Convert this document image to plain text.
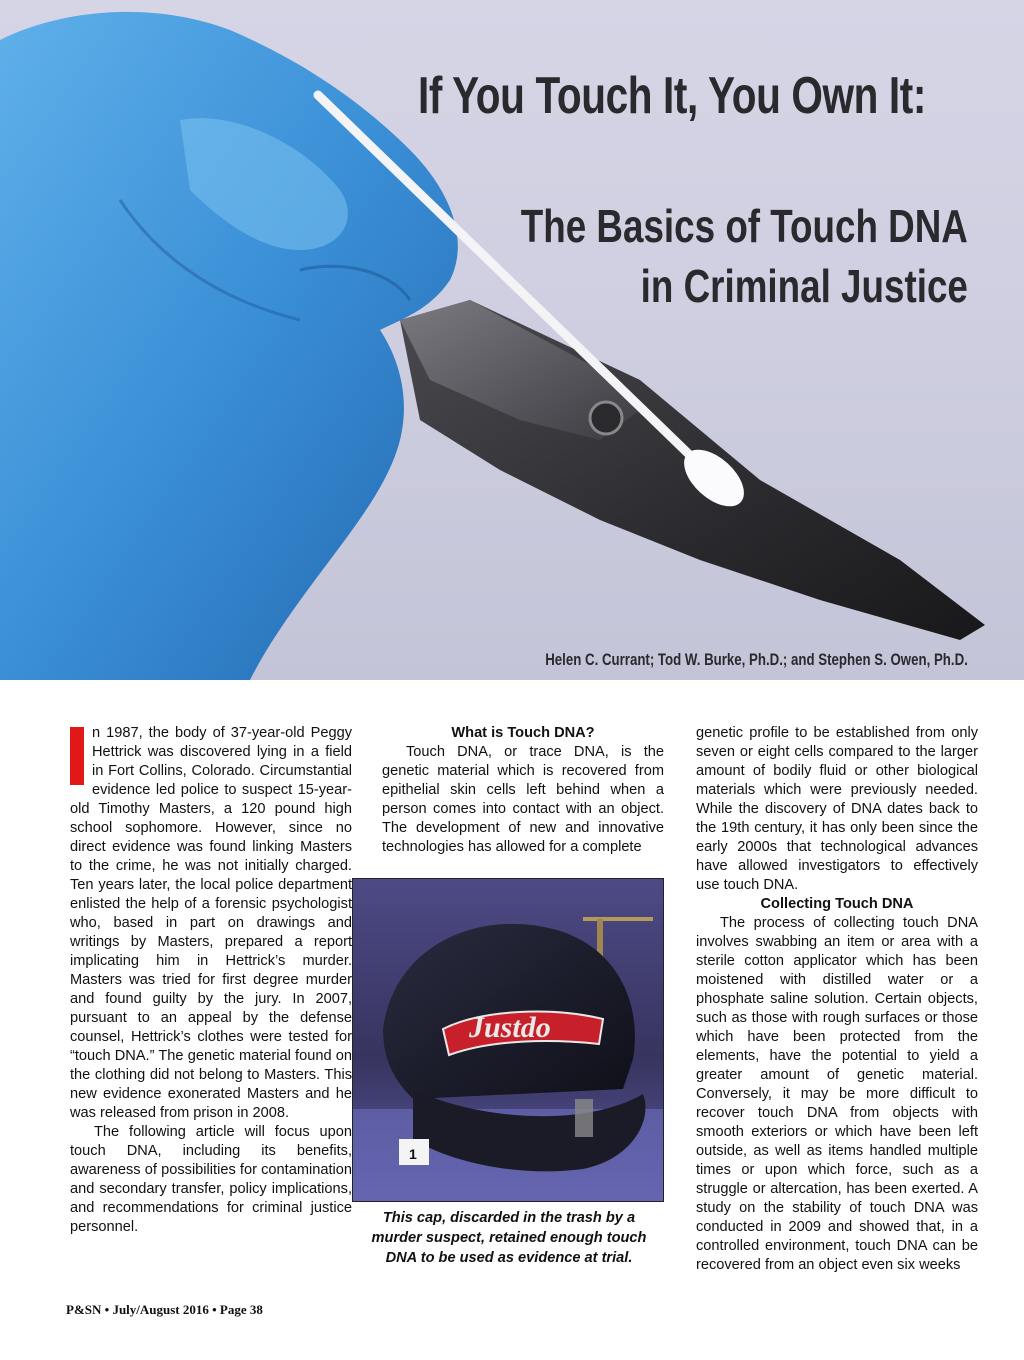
If You Touch It, You Own It:
The Basics of Touch DNA
in Criminal Justice
Helen C. Currant; Tod W. Burke, Ph.D.; and Stephen S. Owen, Ph.D.

n 1987, the body of 37-year-old Peggy Hettrick was discovered lying in a field in Fort Collins, Colorado. Circumstantial evidence led police to suspect 15-year-old Timothy Masters, a 120 pound high school sophomore. However, since no direct evidence was found linking Masters to the crime, he was not initially charged. Ten years later, the local police department enlisted the help of a forensic psychologist who, based in part on drawings and writings by Masters, prepared a report implicating him in Hettrick’s murder. Masters was tried for first degree murder and found guilty by the jury. In 2007, pursuant to an appeal by the defense counsel, Hettrick’s clothes were tested for “touch DNA.” The genetic material found on the clothing did not belong to Masters. This new evidence exonerated Masters and he was released from prison in 2008.

The following article will focus upon touch DNA, including its benefits, awareness of possibilities for contamination and secondary transfer, policy implications, and recommendations for criminal justice personnel.

What is Touch DNA?

Touch DNA, or trace DNA, is the genetic material which is recovered from epithelial skin cells left behind when a person comes into contact with an object. The development of new and innovative technologies has allowed for a complete

Justdo
1
This cap, discarded in the trash by a murder suspect, retained enough touch DNA to be used as evidence at trial.

genetic profile to be established from only seven or eight cells compared to the larger amount of bodily fluid or other biological materials which were previously needed. While the discovery of DNA dates back to the 19th century, it has only been since the early 2000s that technological advances have allowed investigators to effectively use touch DNA.

Collecting Touch DNA

The process of collecting touch DNA involves swabbing an item or area with a sterile cotton applicator which has been moistened with distilled water or a phosphate saline solution. Certain objects, such as those with rough surfaces or those which have been protected from the elements, have the potential to yield a greater amount of genetic material. Conversely, it may be more difficult to recover touch DNA from objects with smooth exteriors or which have been left outside, as well as items handled multiple times or upon which force, such as a struggle or altercation, has been exerted. A study on the stability of touch DNA was conducted in 2009 and showed that, in a controlled environment, touch DNA can be recovered from an object even six weeks

P&SN • July/August 2016 • Page 38
